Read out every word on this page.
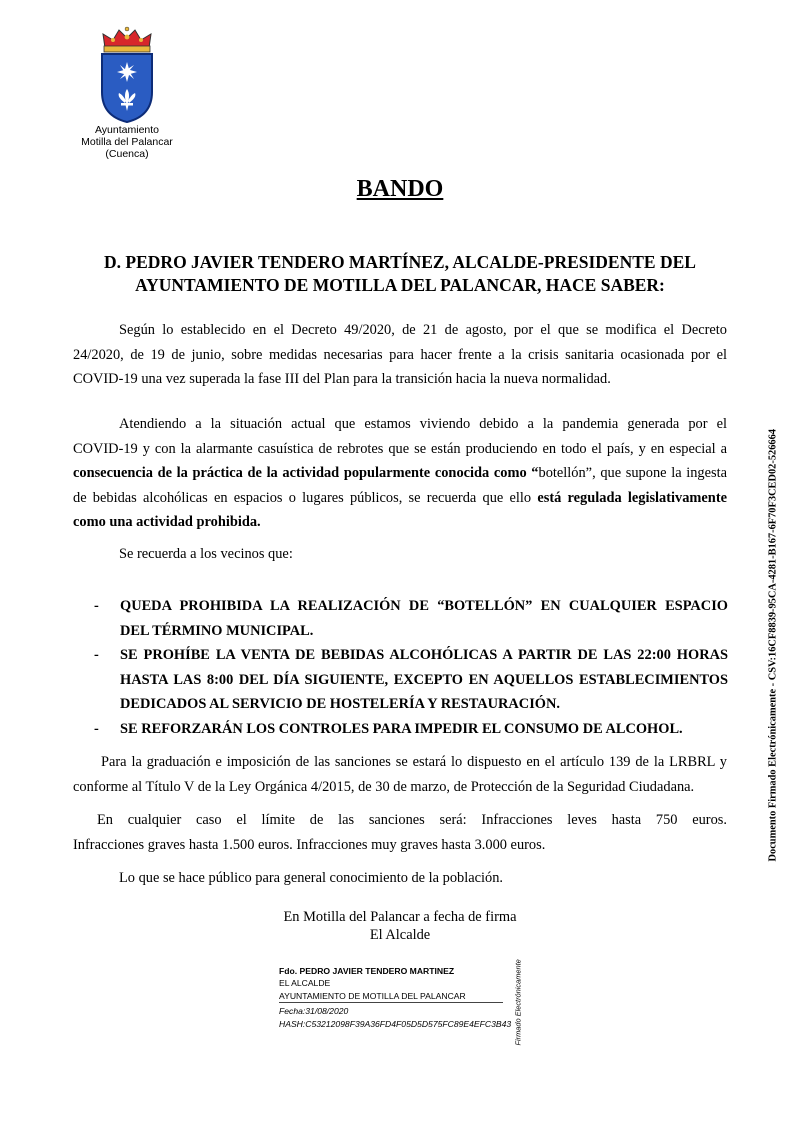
Ayuntamiento
Motilla del Palancar
(Cuenca)
BANDO
D. PEDRO JAVIER TENDERO MARTÍNEZ, ALCALDE-PRESIDENTE DEL
AYUNTAMIENTO DE MOTILLA DEL PALANCAR, HACE SABER:
Según lo establecido en el Decreto 49/2020, de 21 de agosto, por el que se modifica el Decreto
24/2020, de 19 de junio, sobre medidas necesarias para hacer frente a la crisis sanitaria ocasionada por el
COVID-19 una vez superada la fase III del Plan para la transición hacia la nueva normalidad.
Atendiendo a la situación actual que estamos viviendo debido a la pandemia generada por el
COVID-19 y con la alarmante casuística de rebrotes que se están produciendo en todo el país, y en especial a
consecuencia de la práctica de la actividad popularmente conocida como “botellón”, que supone la ingesta
de bebidas alcohólicas en espacios o lugares públicos, se recuerda que ello está regulada legislativamente
como una actividad prohibida.
Se recuerda a los vecinos que:
- QUEDA PROHIBIDA LA REALIZACIÓN DE “BOTELLÓN” EN CUALQUIER ESPACIO
DEL TÉRMINO MUNICIPAL.
- SE PROHÍBE LA VENTA DE BEBIDAS ALCOHÓLICAS A PARTIR DE LAS 22:00 HORAS
HASTA LAS 8:00 DEL DÍA SIGUIENTE, EXCEPTO EN AQUELLOS ESTABLECIMIENTOS
DEDICADOS AL SERVICIO DE HOSTELERÍA Y RESTAURACIÓN.
- SE REFORZARÁN LOS CONTROLES PARA IMPEDIR EL CONSUMO DE ALCOHOL.
Para la graduación e imposición de las sanciones se estará lo dispuesto en el artículo 139 de la LRBRL y
conforme al Título V de la Ley Orgánica 4/2015, de 30 de marzo, de Protección de la Seguridad Ciudadana.
En cualquier caso el límite de las sanciones será: Infracciones leves hasta 750 euros.
Infracciones graves hasta 1.500 euros. Infracciones muy graves hasta 3.000 euros.
Lo que se hace público para general conocimiento de la población.
En Motilla del Palancar a fecha de firma
El Alcalde
Fdo. PEDRO JAVIER TENDERO MARTINEZ
EL ALCALDE
AYUNTAMIENTO DE MOTILLA DEL PALANCAR
Fecha:31/08/2020
HASH:C53212098F39A36FD4F05D5D575FC89E4EFC3B43 Firmado Electrónicamente
Documento Firmado Electrónicamente - CSV:16CF8839-95CA-4281-B167-6F70F3CED02-526664
